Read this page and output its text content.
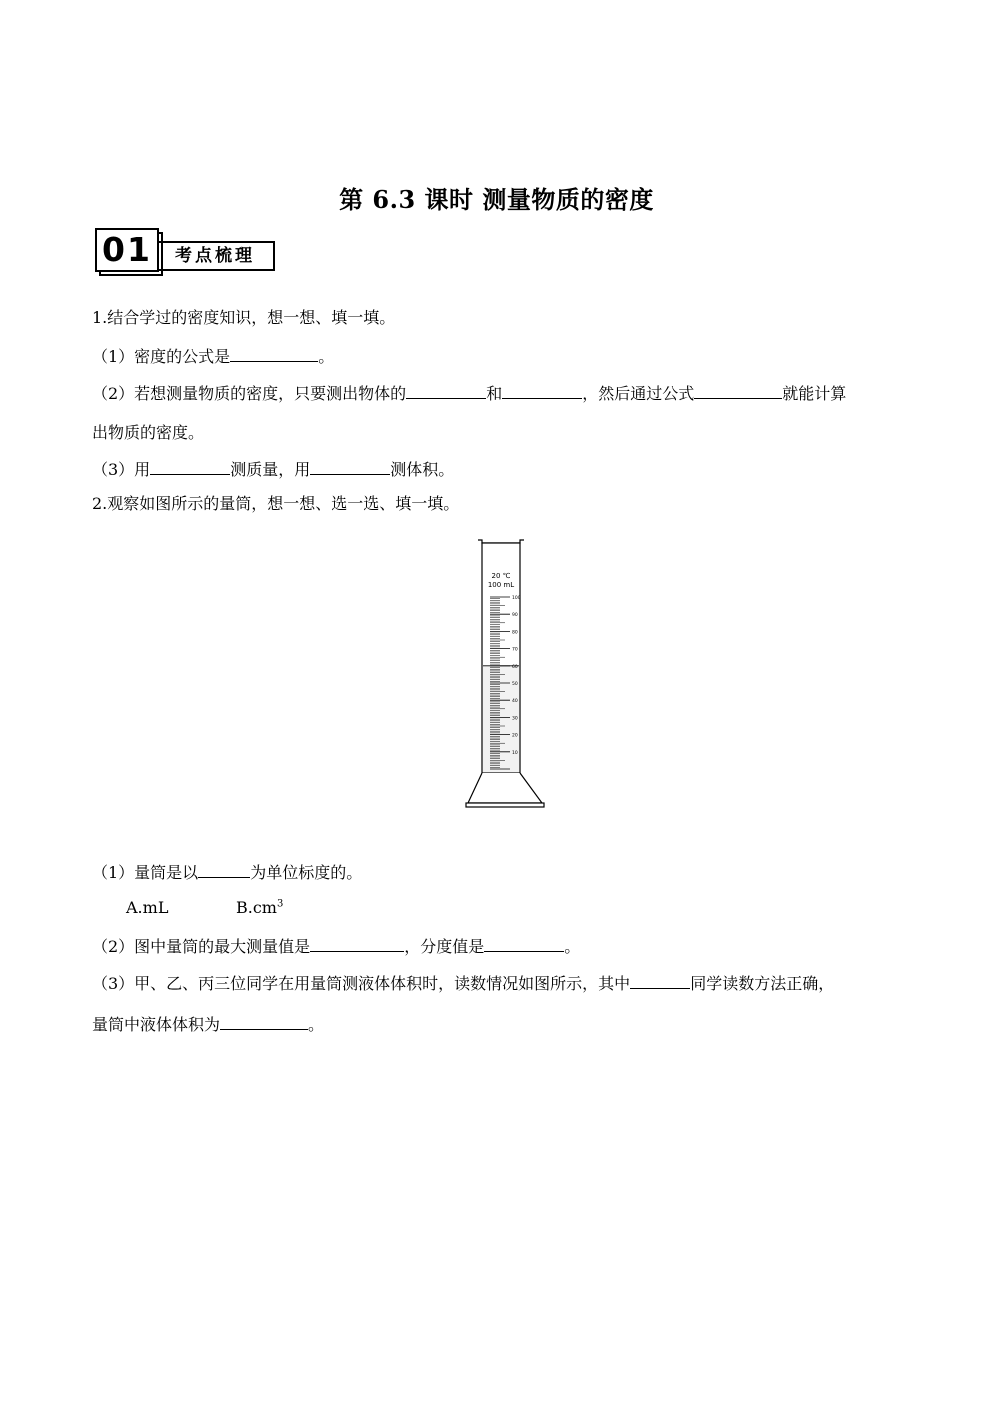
第 6.3 课时 测量物质的密度
01	考点梳理
1.结合学过的密度知识，想一想、填一填。
（1）密度的公式是	。
（2）若想测量物质的密度，只要测出物体的	和	，然后通过公式	就能计算
出物质的密度。
（3）用	测质量，用	测体积。
2.观察如图所示的量筒，想一想、选一选、填一填。
20 ℃
100 mL
100
90
80
70
60
50
40
30
20
10
（1）量筒是以	为单位标度的。
A.mL	$B.cm^3$
（2）图中量筒的最大测量值是	，分度值是	。
（3）甲、乙、丙三位同学在用量筒测液体体积时，读数情况如图所示，其中	同学读数方法正确，
量筒中液体体积为	。
